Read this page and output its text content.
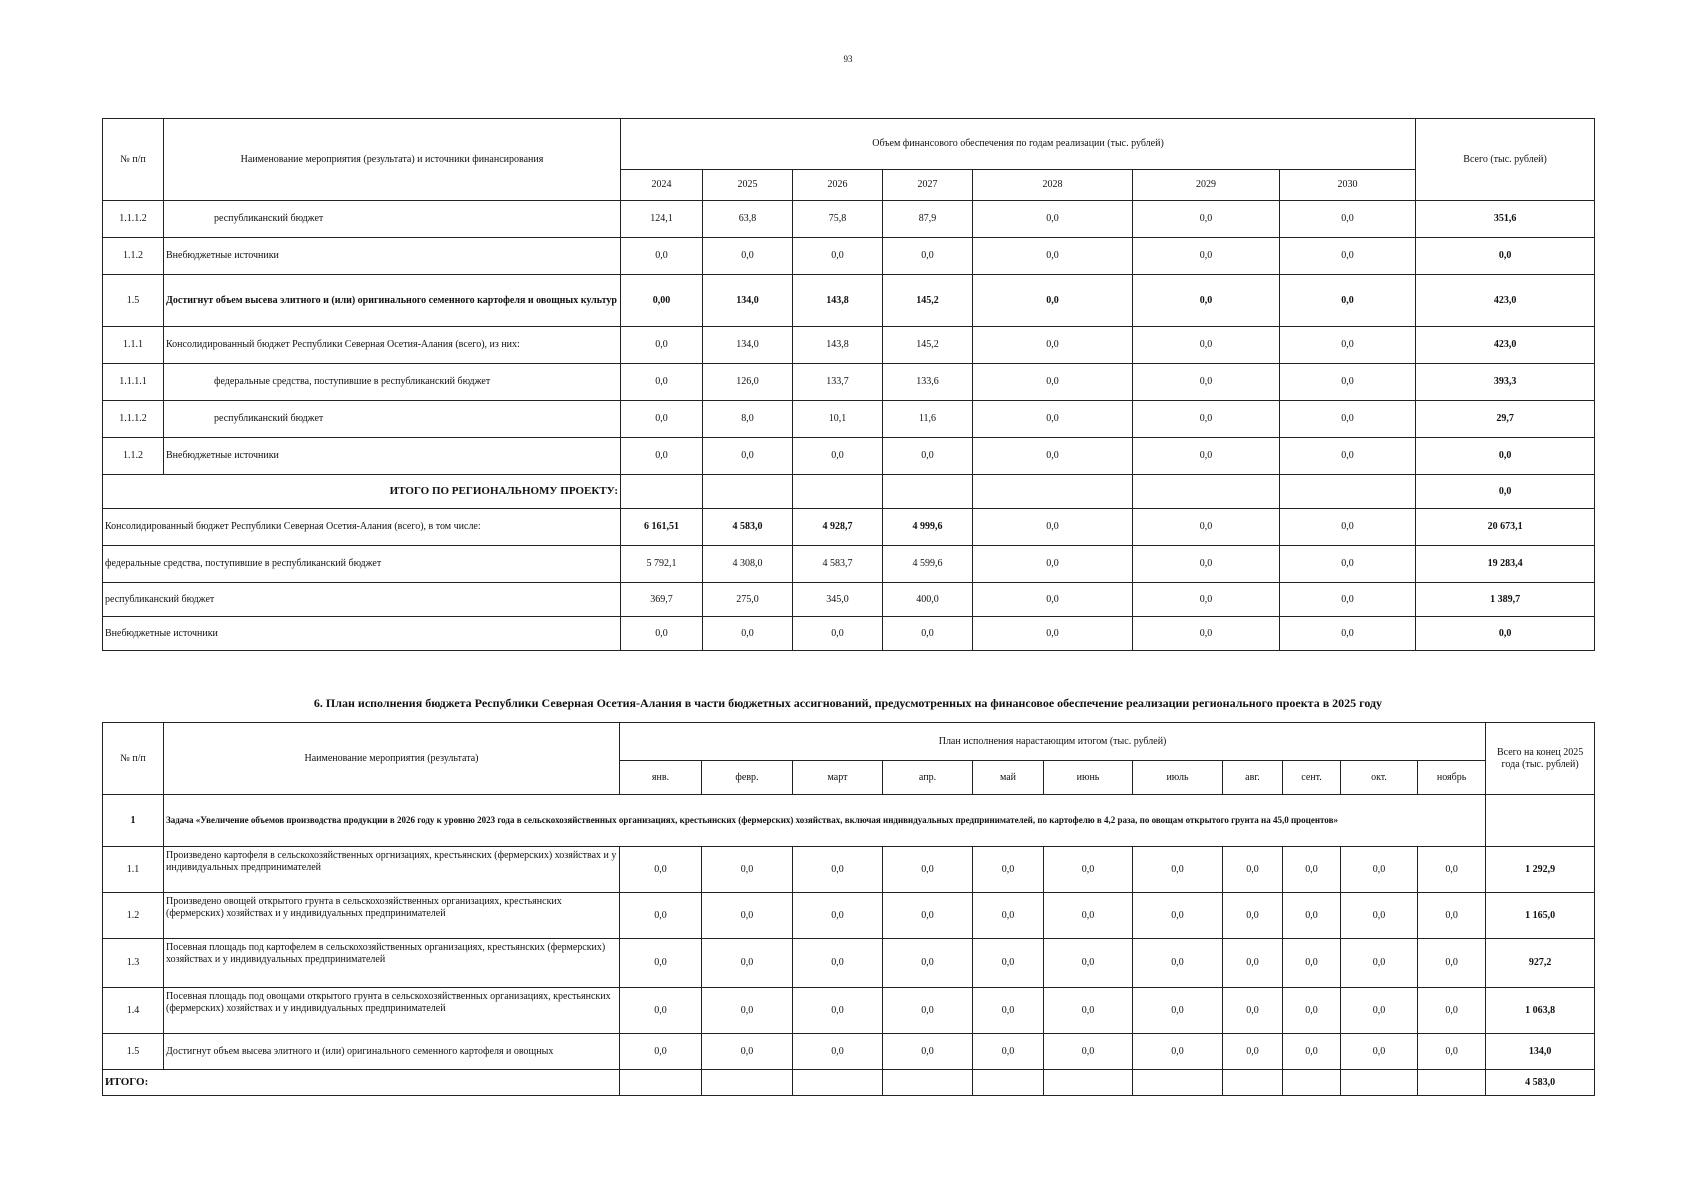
93
№ п/п	Наименование мероприятия (результата) и источники финансирования	Объем финансового обеспечения по годам реализации (тыс. рублей)							Всего (тыс. рублей)
		2024	2025	2026	2027	2028	2029	2030	
1.1.1.2	республиканский бюджет	124,1	63,8	75,8	87,9	0,0	0,0	0,0	351,6
1.1.2	Внебюджетные источники	0,0	0,0	0,0	0,0	0,0	0,0	0,0	0,0
1.5	Достигнут объем высева элитного и (или) оригинального семенного картофеля и овощных культур	0,00	134,0	143,8	145,2	0,0	0,0	0,0	423,0
1.1.1	Консолидированный бюджет Республики Северная Осетия-Алания (всего), из них:	0,0	134,0	143,8	145,2	0,0	0,0	0,0	423,0
1.1.1.1	федеральные средства, поступившие в республиканский бюджет	0,0	126,0	133,7	133,6	0,0	0,0	0,0	393,3
1.1.1.2	республиканский бюджет	0,0	8,0	10,1	11,6	0,0	0,0	0,0	29,7
1.1.2	Внебюджетные источники	0,0	0,0	0,0	0,0	0,0	0,0	0,0	0,0
ИТОГО ПО РЕГИОНАЛЬНОМУ ПРОЕКТУ:									0,0
Консолидированный бюджет Республики Северная Осетия-Алания (всего), в том числе:		6 161,51	4 583,0	4 928,7	4 999,6	0,0	0,0	0,0	20 673,1
федеральные средства, поступившие в республиканский бюджет		5 792,1	4 308,0	4 583,7	4 599,6	0,0	0,0	0,0	19 283,4
республиканский бюджет		369,7	275,0	345,0	400,0	0,0	0,0	0,0	1 389,7
Внебюджетные источники		0,0	0,0	0,0	0,0	0,0	0,0	0,0	0,0
6. План исполнения бюджета Республики Северная Осетия-Алания в части бюджетных ассигнований, предусмотренных на финансовое обеспечение реализации регионального проекта в 2025 году
№ п/п	Наименование мероприятия (результата)	План исполнения нарастающим итогом (тыс. рублей)											Всего на конец 2025 года (тыс. рублей)
		янв.	февр.	март	апр.	май	июнь	июль	авг.	сент.	окт.	ноябрь	
1	Задача «Увеличение объемов производства продукции в 2026 году к уровню 2023 года в сельскохозяйственных организациях, крестьянских (фермерских) хозяйствах, включая индивидуальных предпринимателей, по картофелю в 4,2 раза, по овощам открытого грунта на 45,0 процентов»												
1.1	Произведено картофеля в сельскохозяйственных оргнизациях, крестьянских (фермерских) хозяйствах и у индивидуальных предпринимателей	0,0	0,0	0,0	0,0	0,0	0,0	0,0	0,0	0,0	0,0	0,0	1 292,9
1.2	Произведено овощей открытого грунта в сельскохозяйственных организациях, крестьянских (фермерских) хозяйствах и у индивидуальных предпринимателей	0,0	0,0	0,0	0,0	0,0	0,0	0,0	0,0	0,0	0,0	0,0	1 165,0
1.3	Посевная площадь под картофелем в сельскохозяйственных организациях, крестьянских (фермерских) хозяйствах и у индивидуальных предпринимателей	0,0	0,0	0,0	0,0	0,0	0,0	0,0	0,0	0,0	0,0	0,0	927,2
1.4	Посевная площадь под овощами открытого грунта в сельскохозяйственных организациях, крестьянских (фермерских) хозяйствах и у индивидуальных предпринимателей	0,0	0,0	0,0	0,0	0,0	0,0	0,0	0,0	0,0	0,0	0,0	1 063,8
1.5	Достигнут объем высева элитного и (или) оригинального семенного картофеля и овощных	0,0	0,0	0,0	0,0	0,0	0,0	0,0	0,0	0,0	0,0	0,0	134,0
ИТОГО:													4 583,0
